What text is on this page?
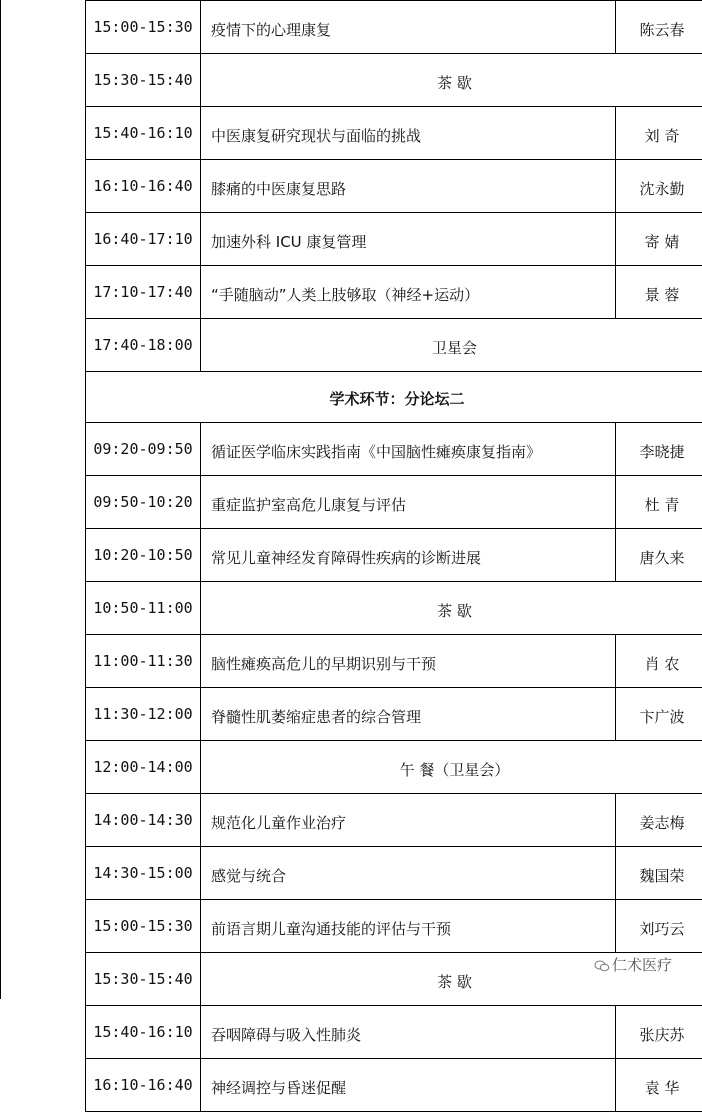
15:00-15:30	疫情下的心理康复	陈云春
15:30-15:40	茶 歇	
15:40-16:10	中医康复研究现状与面临的挑战	刘 奇
16:10-16:40	膝痛的中医康复思路	沈永勤
16:40-17:10	加速外科 ICU 康复管理	寄 婧
17:10-17:40	“手随脑动”人类上肢够取（神经+运动）	景 蓉
17:40-18:00	卫星会	
学术环节：分论坛二		
09:20-09:50	循证医学临床实践指南《中国脑性瘫痪康复指南》	李晓捷
09:50-10:20	重症监护室高危儿康复与评估	杜 青
10:20-10:50	常见儿童神经发育障碍性疾病的诊断进展	唐久来
10:50-11:00	茶 歇	
11:00-11:30	脑性瘫痪高危儿的早期识别与干预	肖 农
11:30-12:00	脊髓性肌萎缩症患者的综合管理	卞广波
12:00-14:00	午 餐（卫星会）	
14:00-14:30	规范化儿童作业治疗	姜志梅
14:30-15:00	感觉与统合	魏国荣
15:00-15:30	前语言期儿童沟通技能的评估与干预	刘巧云
15:30-15:40	茶 歇	
15:40-16:10	吞咽障碍与吸入性肺炎	张庆苏
16:10-16:40	神经调控与昏迷促醒	袁 华
仁术医疗
